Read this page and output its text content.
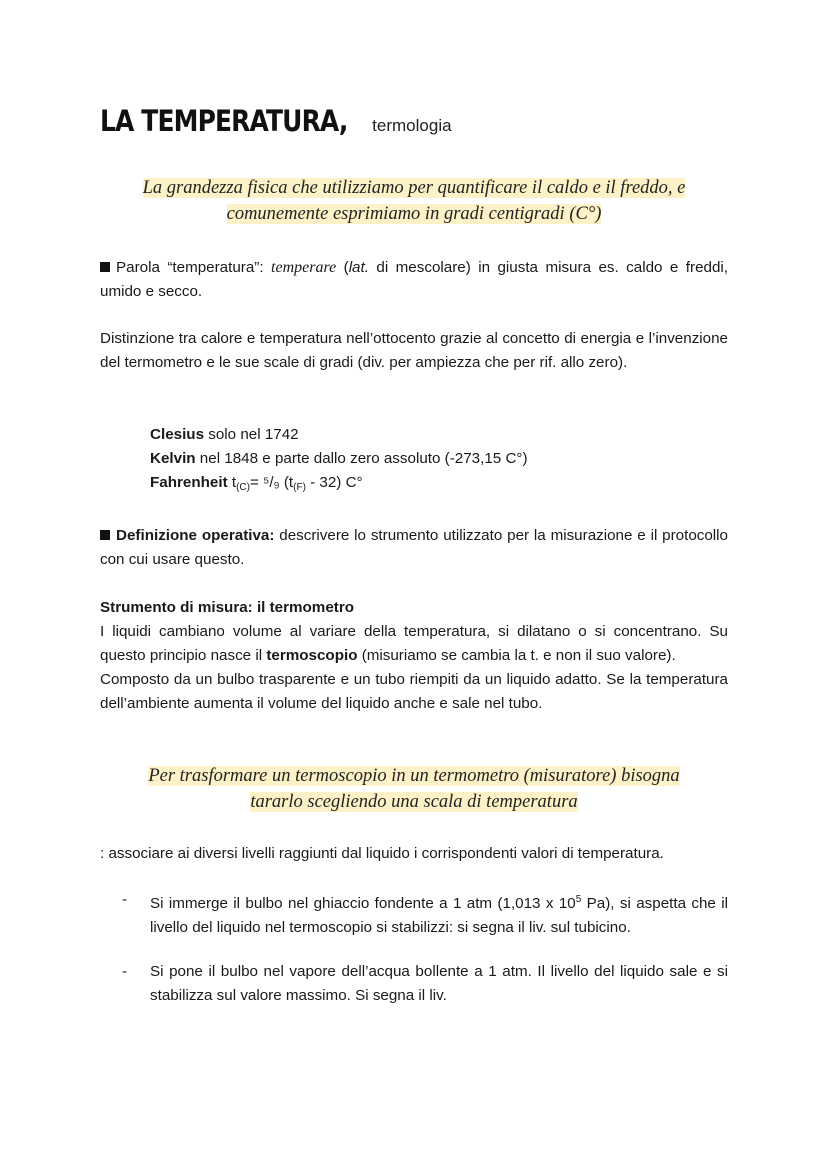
LA TEMPERATURA, termologia
La grandezza fisica che utilizziamo per quantificare il caldo e il freddo, e
comunemente esprimiamo in gradi centigradi (C°)
Parola “temperatura”: temperare (lat. di mescolare) in giusta misura es. caldo e freddi, umido e secco.
Distinzione tra calore e temperatura nell’ottocento grazie al concetto di energia e l’invenzione del termometro e le sue scale di gradi (div. per ampiezza che per rif. allo zero).
Clesius solo nel 1742
Kelvin nel 1848 e parte dallo zero assoluto (-273,15 C°)
Fahrenheit $t_{(C)}= ^5/_9$ $(t_{(F)} - 32)$ C°
Definizione operativa: descrivere lo strumento utilizzato per la misurazione e il protocollo con cui usare questo.
Strumento di misura: il termometro
I liquidi cambiano volume al variare della temperatura, si dilatano o si concentrano. Su questo principio nasce il termoscopio (misuriamo se cambia la t. e non il suo valore).
Composto da un bulbo trasparente e un tubo riempiti da un liquido adatto. Se la temperatura dell’ambiente aumenta il volume del liquido anche e sale nel tubo.
Per trasformare un termoscopio in un termometro (misuratore) bisogna
tararlo scegliendo una scala di temperatura
: associare ai diversi livelli raggiunti dal liquido i corrispondenti valori di temperatura.
- Si immerge il bulbo nel ghiaccio fondente a 1 atm (1,013 x $10^5$ Pa), si aspetta che il livello del liquido nel termoscopio si stabilizzi: si segna il liv. sul tubicino.
- Si pone il bulbo nel vapore dell’acqua bollente a 1 atm. Il livello del liquido sale e si stabilizza sul valore massimo. Si segna il liv.
